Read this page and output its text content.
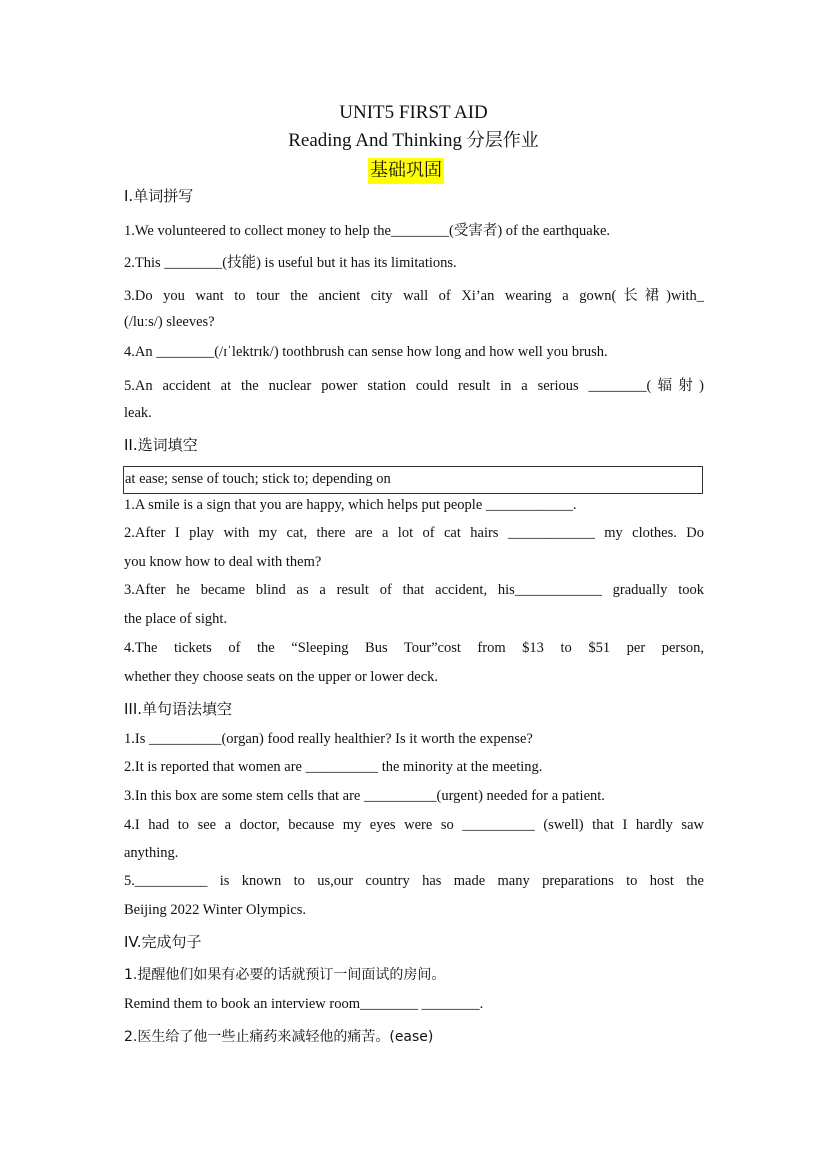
UNIT5 FIRST AID
Reading And Thinking 分层作业
基础巩固
I.单词拼写
1.We volunteered to collect money to help the________(受害者) of the earthquake.
2.This ________(技能) is useful but it has its limitations.
3.Do you want to tour the ancient city wall of Xi’an wearing a gown(长裙)with_
(/luːs/) sleeves?
4.An ________(/ɪˈlektrɪk/) toothbrush can sense how long and how well you brush.
5.An accident at the nuclear power station could result in a serious ________(辐射)
leak.
II.选词填空
at ease; sense of touch; stick to; depending on
1.A smile is a sign that you are happy, which helps put people ____________.
2.After I play with my cat, there are a lot of cat hairs ____________ my clothes. Do
you know how to deal with them?
3.After he became blind as a result of that accident, his____________ gradually took
the place of sight.
4.The tickets of the “Sleeping Bus Tour”cost from $13 to $51 per person,
whether they choose seats on the upper or lower deck.
III.单句语法填空
1.Is __________(organ) food really healthier? Is it worth the expense?
2.It is reported that women are __________ the minority at the meeting.
3.In this box are some stem cells that are __________(urgent) needed for a patient.
4.I had to see a doctor, because my eyes were so __________ (swell) that I hardly saw
anything.
5.__________ is known to us,our country has made many preparations to host the
Beijing 2022 Winter Olympics.
IV.完成句子
1.提醒他们如果有必要的话就预订一间面试的房间。
Remind them to book an interview room________ ________.
2.医生给了他一些止痛药来减轻他的痛苦。(ease)
